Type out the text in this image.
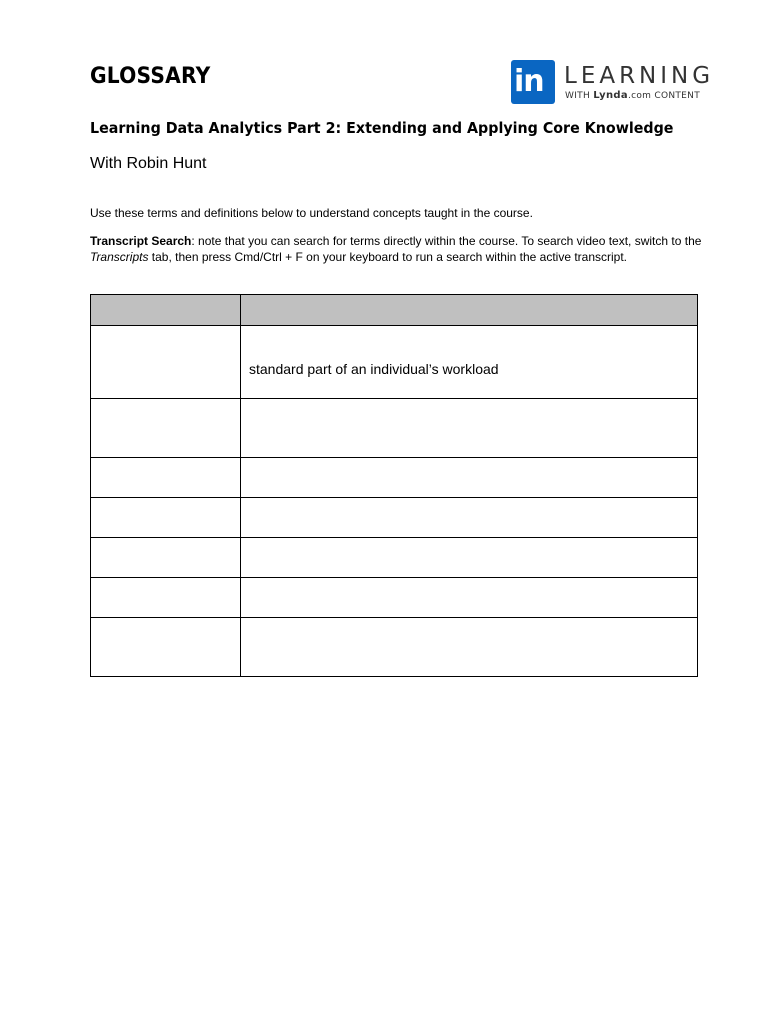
GLOSSARY	in LEARNING
WITH Lynda.com CONTENT
Learning Data Analytics Part 2: Extending and Applying Core Knowledge
With Robin Hunt
Use these terms and definitions below to understand concepts taught in the course.
Transcript Search: note that you can search for terms directly within the course. To search video text, switch to the Transcripts tab, then press Cmd/Ctrl + F on your keyboard to run a search within the active transcript.

	standard part of an individual’s workload
